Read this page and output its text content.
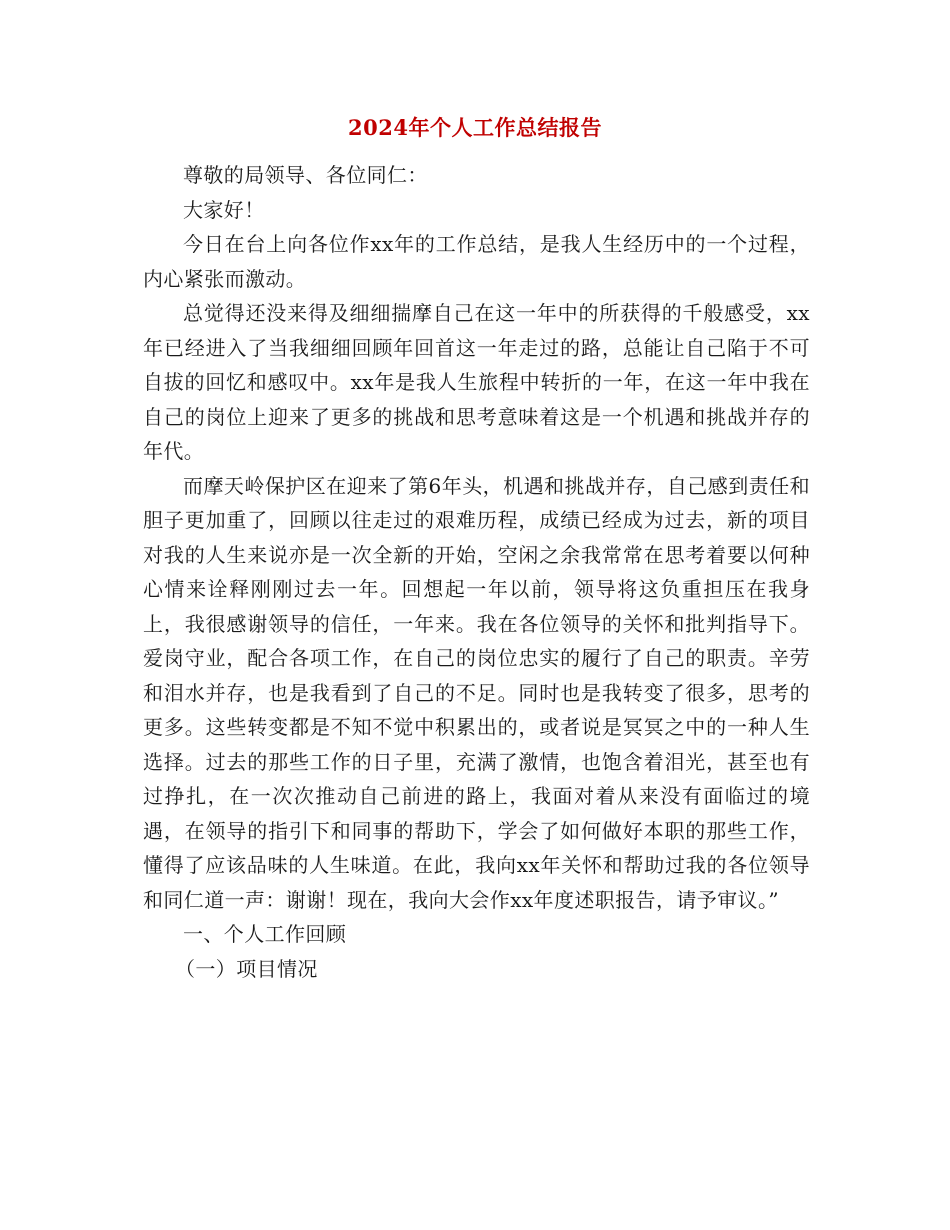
2024年个人工作总结报告

尊敬的局领导、各位同仁：

大家好！

今日在台上向各位作xx年的工作总结，是我人生经历中的一个过程，内心紧张而激动。

总觉得还没来得及细细揣摩自己在这一年中的所获得的千般感受，xx年已经进入了当我细细回顾年回首这一年走过的路，总能让自己陷于不可自拔的回忆和感叹中。xx年是我人生旅程中转折的一年，在这一年中我在自己的岗位上迎来了更多的挑战和思考意味着这是一个机遇和挑战并存的年代。

而摩天岭保护区在迎来了第6年头，机遇和挑战并存，自己感到责任和胆子更加重了，回顾以往走过的艰难历程，成绩已经成为过去，新的项目对我的人生来说亦是一次全新的开始，空闲之余我常常在思考着要以何种心情来诠释刚刚过去一年。回想起一年以前，领导将这负重担压在我身上，我很感谢领导的信任，一年来。我在各位领导的关怀和批判指导下。爱岗守业，配合各项工作，在自己的岗位忠实的履行了自己的职责。辛劳和泪水并存，也是我看到了自己的不足。同时也是我转变了很多，思考的更多。这些转变都是不知不觉中积累出的，或者说是冥冥之中的一种人生选择。过去的那些工作的日子里，充满了激情，也饱含着泪光，甚至也有过挣扎，在一次次推动自己前进的路上，我面对着从来没有面临过的境遇，在领导的指引下和同事的帮助下，学会了如何做好本职的那些工作，懂得了应该品味的人生味道。在此，我向xx年关怀和帮助过我的各位领导和同仁道一声：谢谢！现在，我向大会作xx年度述职报告，请予审议。”

一、个人工作回顾

（一）项目情况
